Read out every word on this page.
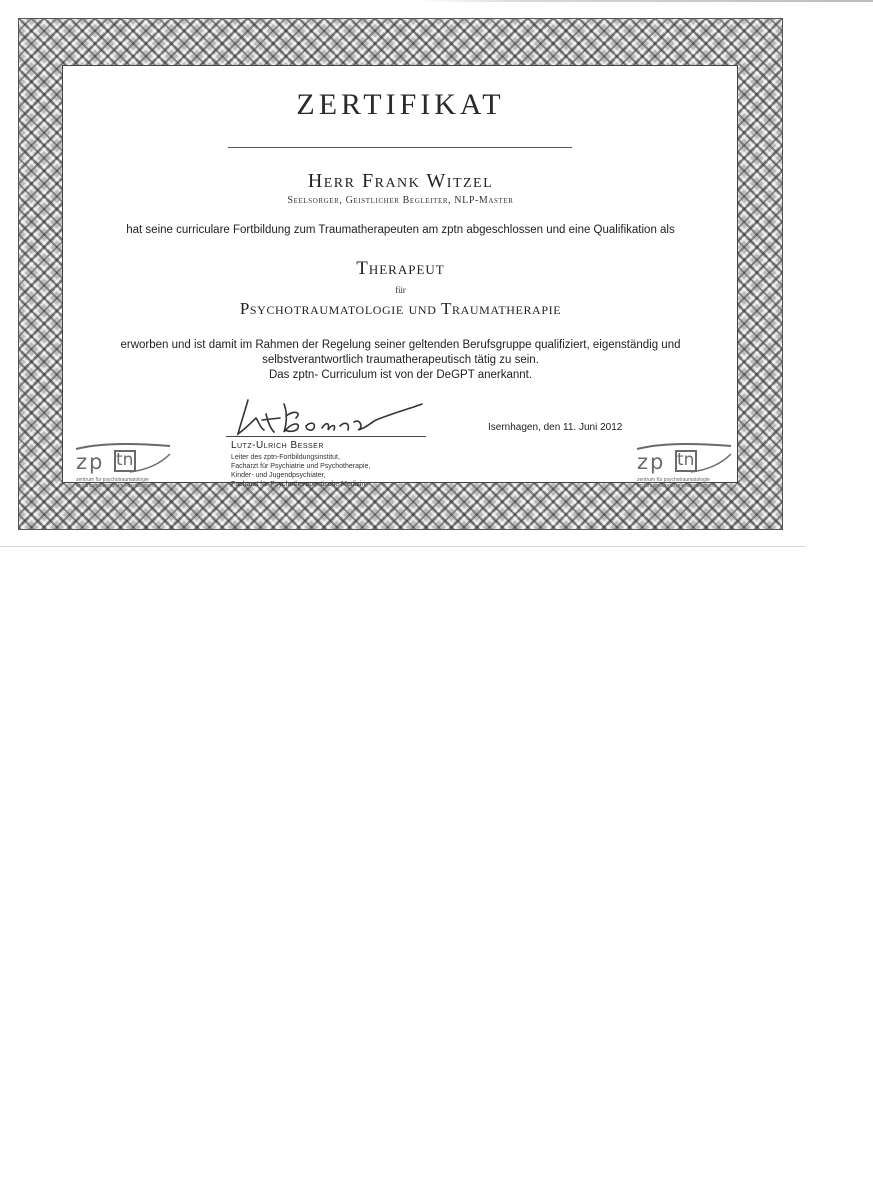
ZERTIFIKAT
Herr Frank Witzel
Seelsorger, Geistlicher Begleiter, NLP-Master
hat seine curriculare Fortbildung zum Traumatherapeuten am zptn abgeschlossen und eine Qualifikation als
Therapeut
für
Psychotraumatologie und Traumatherapie
erworben und ist damit im Rahmen der Regelung seiner geltenden Berufsgruppe qualifiziert, eigenständig und
selbstverantwortlich traumatherapeutisch tätig zu sein.
Das zptn- Curriculum ist von der DeGPT anerkannt.
Lutz-Ulrich Besser
Leiter des zptn-Fortbildungsinstitut,
Facharzt für Psychiatrie und Psychotherapie,
Kinder- und Jugendpsychiater,
Facharzt für Psychotherapeutische Medizin
Isernhagen, den 11. Juni 2012
zp tn
zentrum für psychotraumatologie
und traumatherapie niedersachsen
zp tn
zentrum für psychotraumatologie
und traumatherapie niedersachsen
